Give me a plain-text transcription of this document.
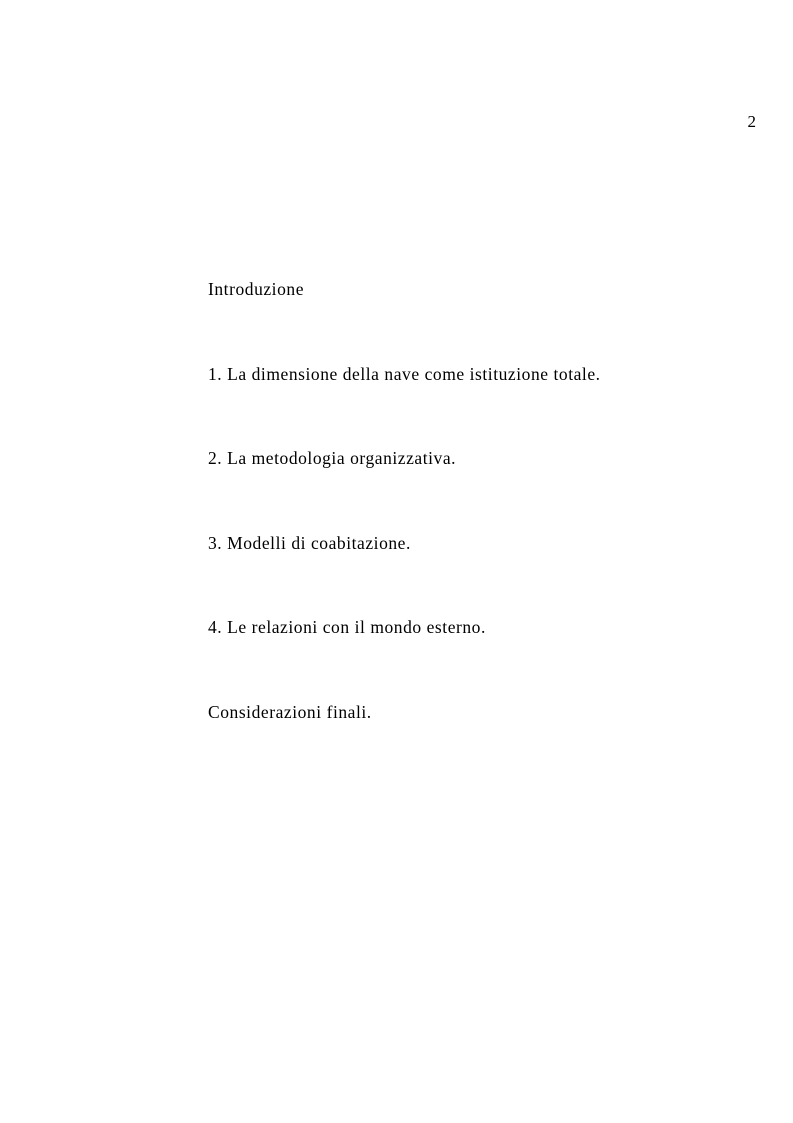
2
Introduzione
1. La dimensione della nave come istituzione totale.
2. La metodologia organizzativa.
3. Modelli di coabitazione.
4. Le relazioni con il mondo esterno.
Considerazioni finali.
